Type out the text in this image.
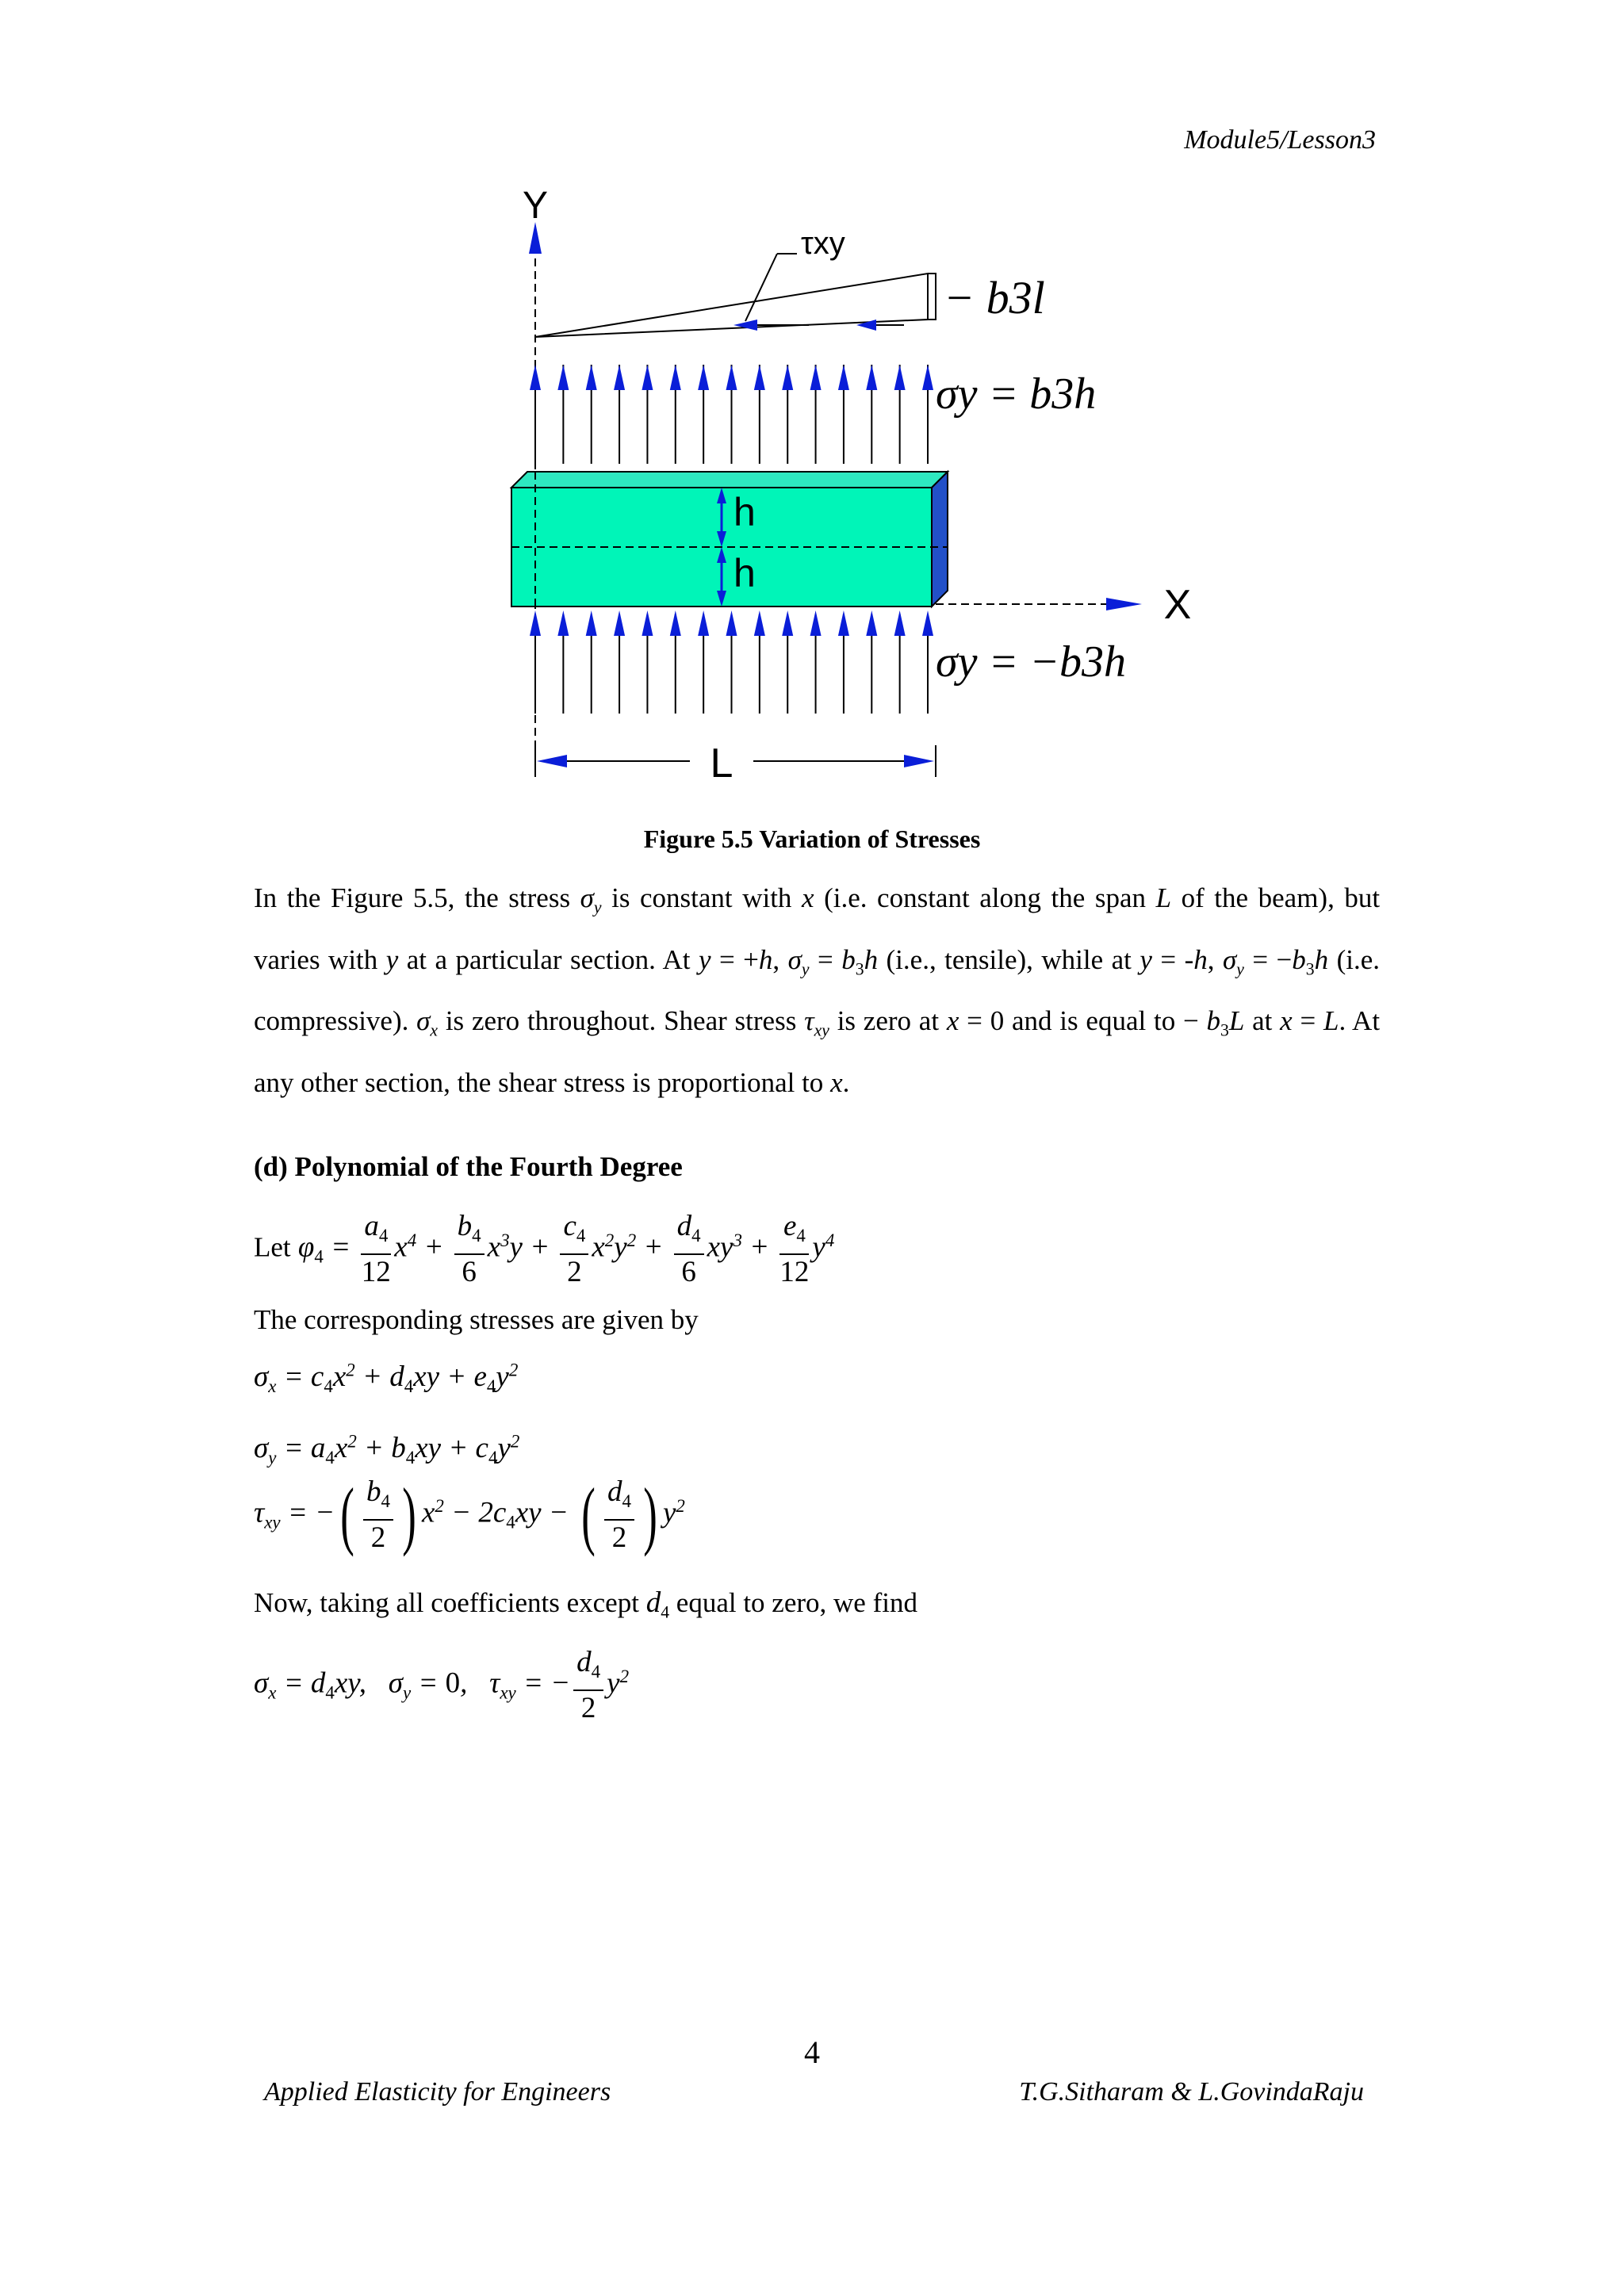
Module5/Lesson3
Y
X
τxy
− b3l
σy = b3h
h
h
σy = −b3h
L
Figure 5.5 Variation of Stresses
In the Figure 5.5, the stress $\sigma_y$ is constant with x (i.e. constant along the span L of the beam), but varies with y at a particular section. At y = +h, $\sigma_y = b_3h$ (i.e., tensile), while at y = -h, $\sigma_y = -b_3h$ (i.e. compressive). $\sigma_x$ is zero throughout. Shear stress $\tau_{xy}$ is zero at x = 0 and is equal to − $b_3L$ at x = L. At any other section, the shear stress is proportional to x.
(d) Polynomial of the Fourth Degree
Let $\varphi_4 = \frac{a_4}{12} x^4 + \frac{b_4}{6} x^3y + \frac{c_4}{2} x^2y^2 + \frac{d_4}{6} xy^3 + \frac{e_4}{12} y^4$
The corresponding stresses are given by
$\sigma_x = c_4x^2 + d_4xy + e_4y^2$
$\sigma_y = a_4x^2 + b_4xy + c_4y^2$
$\tau_{xy}$ = −( $\frac{b_4}{2}$ ) $x^2 - 2c_4xy$ − ( $\frac{d_4}{2}$ ) $y^2$
Now, taking all coefficients except $d_4$ equal to zero, we find
$\sigma_x = d_4xy$,   $\sigma_y = 0$,   $\tau_{xy}$ = − $\frac{d_4}{2} y^2$
4
Applied Elasticity for Engineers	T.G.Sitharam & L.GovindaRaju
